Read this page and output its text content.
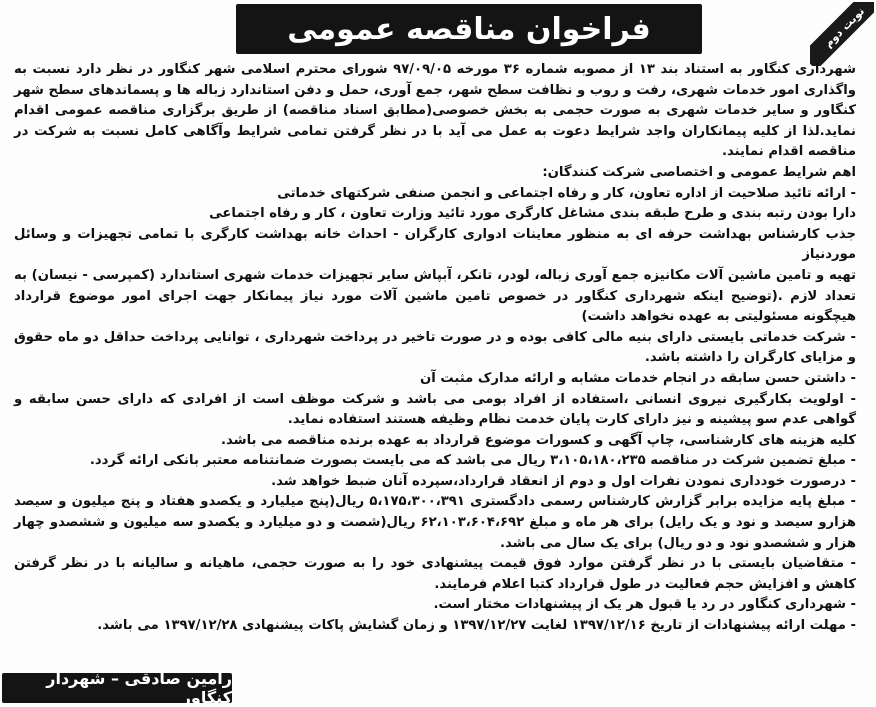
فراخوان مناقصه عمومی	نوبت دوم

شهرداری کنگاور به استناد بند ۱۳ از مصوبه شماره ۳۶ مورخه ۹۷/۰۹/۰۵ شورای محترم اسلامی شهر کنگاور در نظر دارد نسبت به واگذاری امور خدمات شهری، رفت و روب و نظافت سطح شهر، جمع آوری، حمل و دفن استاندارد زباله ها و پسماندهای سطح شهر کنگاور و سایر خدمات شهری به صورت حجمی به بخش خصوصی(مطابق اسناد مناقصه) از طریق برگزاری مناقصه عمومی اقدام نماید.لذا از کلیه پیمانکاران واجد شرایط دعوت به عمل می آید با در نظر گرفتن تمامی شرایط وآگاهی کامل نسبت به شرکت در مناقصه اقدام نمایند.

اهم شرایط عمومی و اختصاصی شرکت کنندگان:

- ارائه تائید صلاحیت از اداره تعاون، کار و رفاه اجتماعی و انجمن صنفی شرکتهای خدماتی

دارا بودن رتبه بندی و طرح طبقه بندی مشاغل کارگری مورد تائید وزارت تعاون ، کار و رفاه اجتماعی

جذب کارشناس بهداشت حرفه ای به منظور معاینات ادواری کارگران - احداث خانه بهداشت کارگری با تمامی تجهیزات و وسائل موردنیاز

تهیه و تامین ماشین آلات مکانیزه جمع آوری زباله، لودر، تانکر، آبپاش سایر تجهیزات خدمات شهری استاندارد (کمپرسی - نیسان) به تعداد لازم .(توضیح اینکه شهرداری کنگاور در خصوص تامین ماشین آلات مورد نیاز پیمانکار جهت اجرای امور موضوع قرارداد هیچگونه مسئولیتی به عهده نخواهد داشت)

- شرکت خدماتی بایستی دارای بنیه مالی کافی بوده و در صورت تاخیر در پرداخت شهرداری ، توانایی پرداخت حداقل دو ماه حقوق و مزایای کارگران را داشته باشد.

- داشتن حسن سابقه در انجام خدمات مشابه و ارائه مدارک مثبت آن

- اولویت بکارگیری نیروی انسانی ،استفاده از افراد بومی می باشد و شرکت موظف است از افرادی که دارای حسن سابقه و گواهی عدم سو پیشینه و نیز دارای کارت پایان خدمت نظام وظیفه هستند استفاده نماید.

کلیه هزینه های کارشناسی، چاپ آگهی و کسورات موضوع قرارداد به عهده برنده مناقصه می باشد.

- مبلغ تضمین شرکت در مناقصه ۳،۱۰۵،۱۸۰،۲۳۵ ریال می باشد که می بایست بصورت ضمانتنامه معتبر بانکی ارائه گردد.

- درصورت خودداری نمودن نفرات اول و دوم از انعقاد قرارداد،سپرده آنان ضبط خواهد شد.

- مبلغ پایه مزایده برابر گزارش کارشناس رسمی دادگستری ۵،۱۷۵،۳۰۰،۳۹۱ ریال(پنج میلیارد و یکصدو هفتاد و پنج میلیون و سیصد هزارو سیصد و نود و یک رایل) برای هر ماه و مبلغ ۶۲،۱۰۳،۶۰۴،۶۹۲ ریال(شصت و دو میلیارد و یکصدو سه میلیون و ششصدو چهار هزار و ششصدو نود و دو ریال) برای یک سال می باشد.

- متقاضیان بایستی با در نظر گرفتن موارد فوق قیمت پیشنهادی خود را به صورت حجمی، ماهیانه و سالیانه با در نظر گرفتن کاهش و افزایش حجم فعالیت در طول قرارداد کتبا اعلام فرمایند.

- شهرداری کنگاور در رد یا قبول هر یک از پیشنهادات مختار است.

- مهلت ارائه پیشنهادات از تاریخ ۱۳۹۷/۱۲/۱۶ لغایت ۱۳۹۷/۱۲/۲۷ و زمان گشایش پاکات پیشنهادی ۱۳۹۷/۱۲/۲۸ می باشد.

رامین صادقی – شهردار کنگاور
